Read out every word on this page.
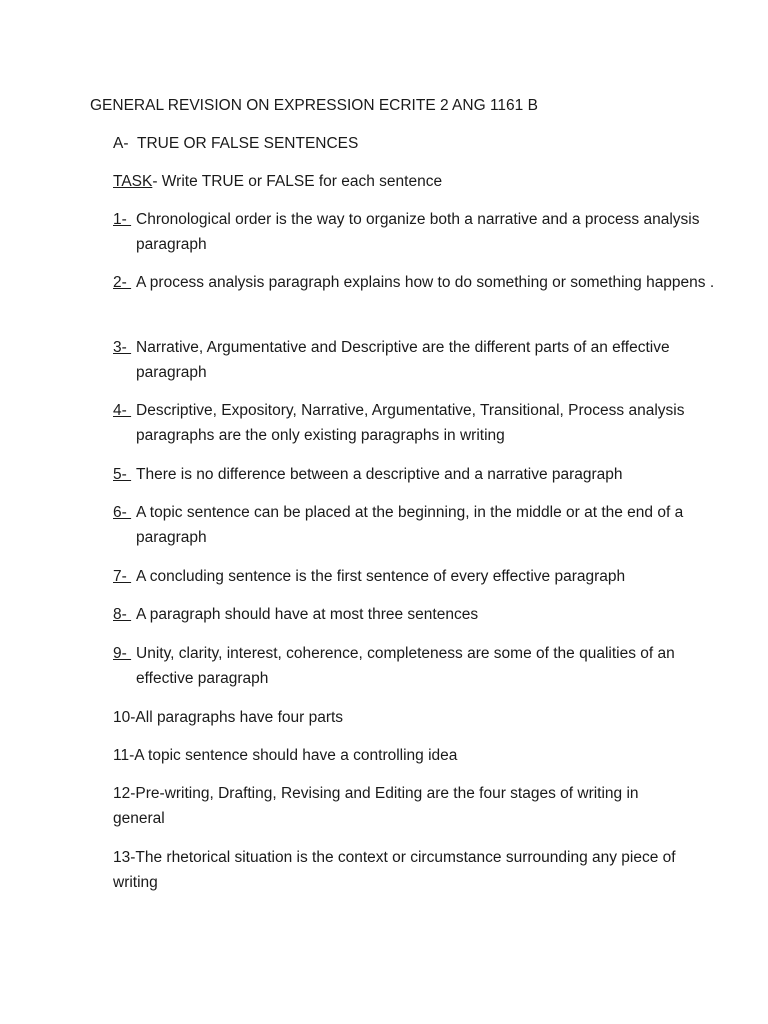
GENERAL REVISION ON EXPRESSION ECRITE 2 ANG 1161 B
A- TRUE OR FALSE SENTENCES
TASK- Write TRUE or FALSE for each sentence
1- Chronological order is the way to organize both a narrative and a process analysis paragraph
2- A process analysis paragraph explains how to do something or something happens .
3- Narrative, Argumentative and Descriptive are the different parts of an effective paragraph
4- Descriptive, Expository, Narrative, Argumentative, Transitional, Process analysis paragraphs are the only existing paragraphs in writing
5- There is no difference between a descriptive and a narrative paragraph
6- A topic sentence can be placed at the beginning, in the middle or at the end of a paragraph
7- A concluding sentence is the first sentence of every effective paragraph
8- A paragraph should have at most three sentences
9- Unity, clarity, interest, coherence, completeness are some of the qualities of an effective paragraph
10-All paragraphs have four parts
11-A topic sentence should have a controlling idea
12-Pre-writing, Drafting, Revising and Editing are the four stages of writing in general
13-The rhetorical situation is the context or circumstance surrounding any piece of writing
